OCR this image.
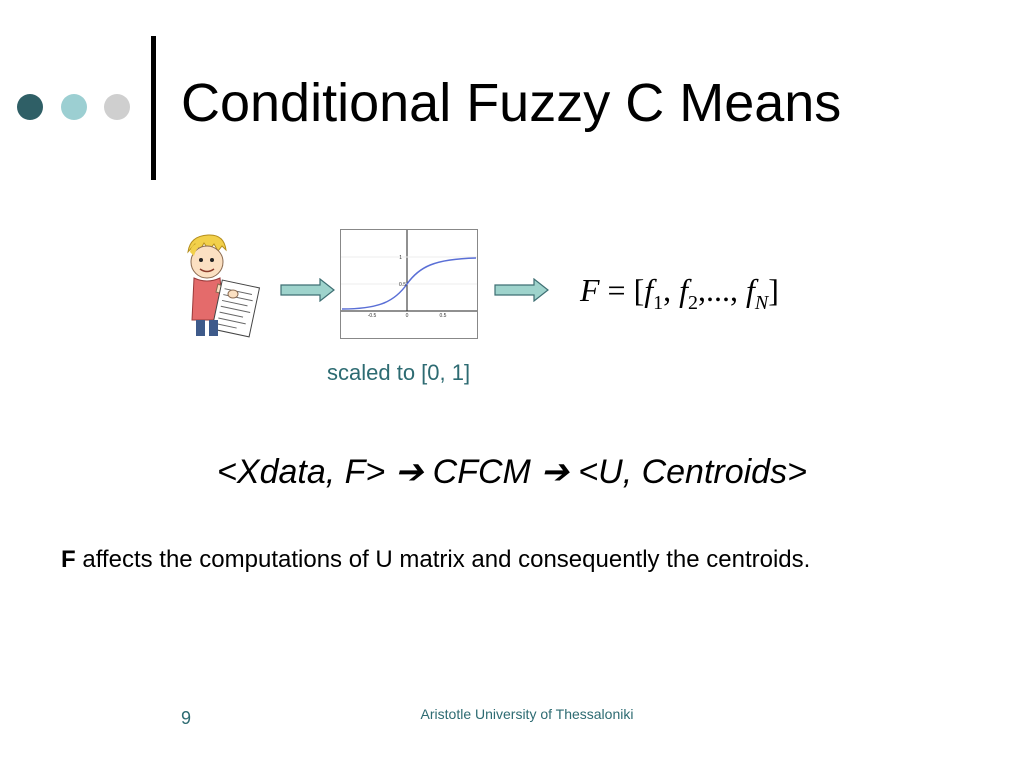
Conditional Fuzzy C Means
1
0.5
-0.5	0	0.5
$F = [f_1$, $f_2$,..., $f_N$]
scaled to [0, 1]
<Xdata, F> ➔ CFCM ➔ <U, Centroids>
F affects the computations of U matrix and consequently the centroids.
9	Aristotle University of Thessaloniki
